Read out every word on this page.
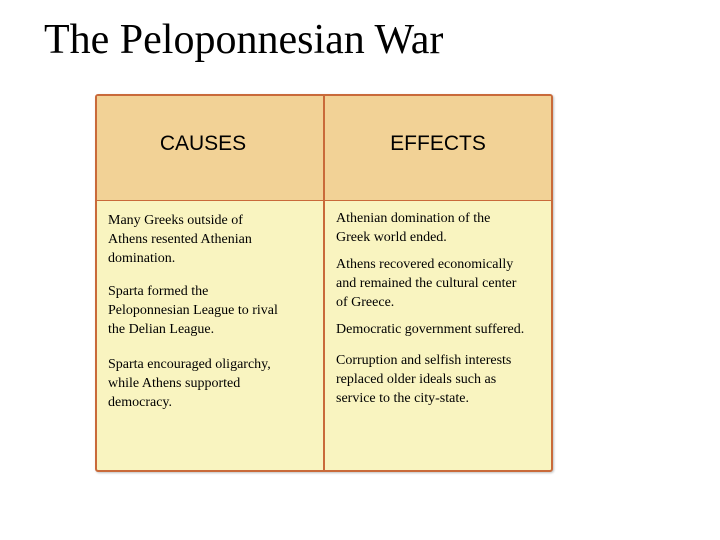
The Peloponnesian War
CAUSES	EFFECTS
Many Greeks outside of
Athens resented Athenian
domination.
Sparta formed the
Peloponnesian League to rival
the Delian League.
Sparta encouraged oligarchy,
while Athens supported
democracy.
Athenian domination of the
Greek world ended.
Athens recovered economically
and remained the cultural center
of Greece.
Democratic government suffered.
Corruption and selfish interests
replaced older ideals such as
service to the city-state.
